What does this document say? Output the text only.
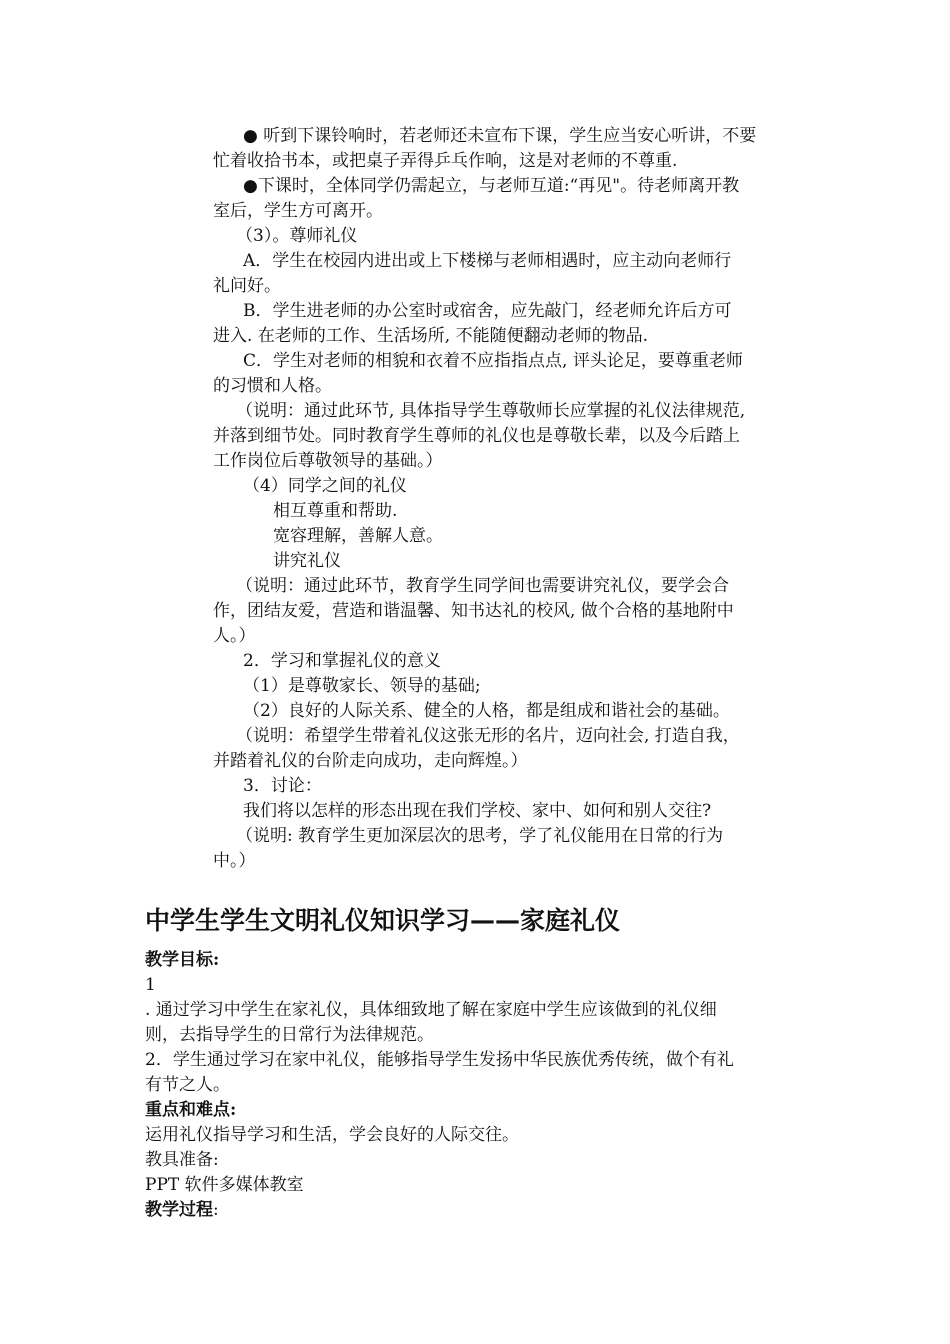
● 听到下课铃响时，若老师还未宣布下课，学生应当安心听讲，不要
忙着收拾书本，或把桌子弄得乒乓作响，这是对老师的不尊重.
●下课时，全体同学仍需起立，与老师互道:“再见"。待老师离开教
室后，学生方可离开。
（3）。尊师礼仪
A．学生在校园内进出或上下楼梯与老师相遇时，应主动向老师行
礼问好。
B．学生进老师的办公室时或宿舍，应先敲门，经老师允许后方可
进入. 在老师的工作、生活场所, 不能随便翻动老师的物品.
C．学生对老师的相貌和衣着不应指指点点, 评头论足，要尊重老师
的习惯和人格。
（说明：通过此环节, 具体指导学生尊敬师长应掌握的礼仪法律规范,
并落到细节处。同时教育学生尊师的礼仪也是尊敬长辈，以及今后踏上
工作岗位后尊敬领导的基础。）
（4）同学之间的礼仪
相互尊重和帮助.
宽容理解，善解人意。
讲究礼仪
（说明：通过此环节，教育学生同学间也需要讲究礼仪，要学会合
作，团结友爱，营造和谐温馨、知书达礼的校风, 做个合格的基地附中
人。）
2．学习和掌握礼仪的意义
（1）是尊敬家长、领导的基础;
（2）良好的人际关系、健全的人格，都是组成和谐社会的基础。
（说明：希望学生带着礼仪这张无形的名片，迈向社会, 打造自我，
并踏着礼仪的台阶走向成功，走向辉煌。）
3．讨论：
我们将以怎样的形态出现在我们学校、家中、如何和别人交往?
（说明: 教育学生更加深层次的思考，学了礼仪能用在日常的行为
中。）
中学生学生文明礼仪知识学习——家庭礼仪
教学目标:
1
. 通过学习中学生在家礼仪，具体细致地了解在家庭中学生应该做到的礼仪细
则，去指导学生的日常行为法律规范。
2．学生通过学习在家中礼仪，能够指导学生发扬中华民族优秀传统，做个有礼
有节之人。
重点和难点:
运用礼仪指导学习和生活，学会良好的人际交往。
教具准备:
PPT 软件多媒体教室
教学过程:
